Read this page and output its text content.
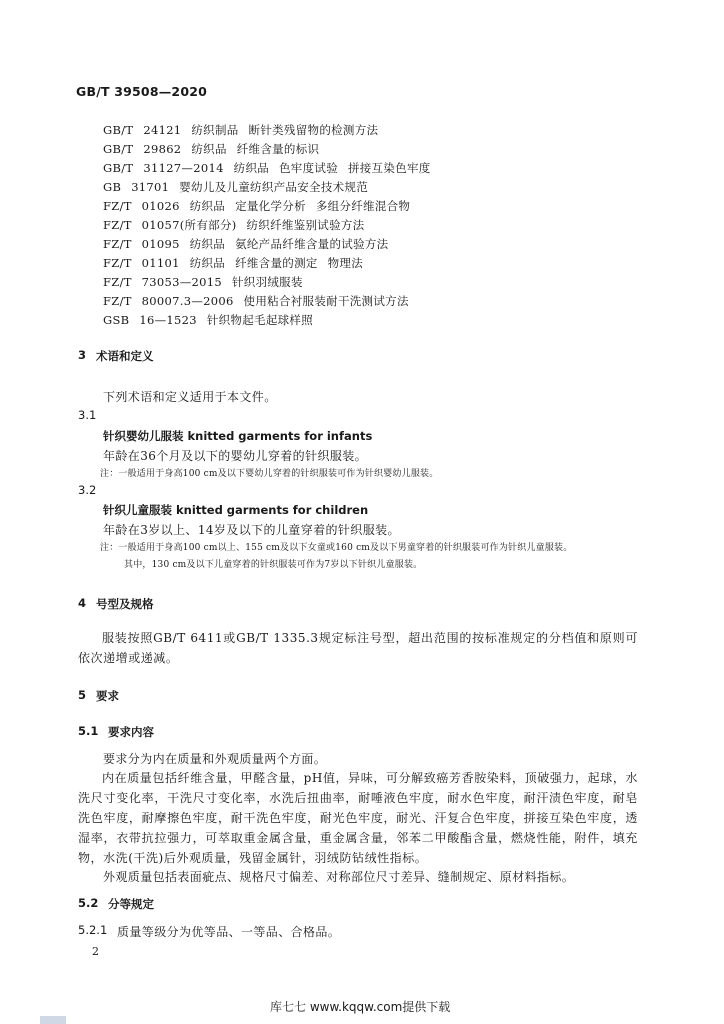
GB/T 39508—2020
GB/T 24121 纺织制品 断针类残留物的检测方法
GB/T 29862 纺织品 纤维含量的标识
GB/T 31127—2014 纺织品 色牢度试验 拼接互染色牢度
GB 31701 婴幼儿及儿童纺织产品安全技术规范
FZ/T 01026 纺织品 定量化学分析 多组分纤维混合物
FZ/T 01057(所有部分) 纺织纤维鉴别试验方法
FZ/T 01095 纺织品 氨纶产品纤维含量的试验方法
FZ/T 01101 纺织品 纤维含量的测定 物理法
FZ/T 73053—2015 针织羽绒服装
FZ/T 80007.3—2006 使用粘合衬服装耐干洗测试方法
GSB 16—1523 针织物起毛起球样照
3 术语和定义
下列术语和定义适用于本文件。
3.1
针织婴幼儿服装 knitted garments for infants
年龄在36个月及以下的婴幼儿穿着的针织服装。
注：一般适用于身高100 cm及以下婴幼儿穿着的针织服装可作为针织婴幼儿服装。
3.2
针织儿童服装 knitted garments for children
年龄在3岁以上、14岁及以下的儿童穿着的针织服装。
注：一般适用于身高100 cm以上、155 cm及以下女童或160 cm及以下男童穿着的针织服装可作为针织儿童服装。
其中，130 cm及以下儿童穿着的针织服装可作为7岁以下针织儿童服装。
4 号型及规格
服装按照GB/T 6411或GB/T 1335.3规定标注号型，超出范围的按标准规定的分档值和原则可依次递增或递减。
5 要求
5.1 要求内容
要求分为内在质量和外观质量两个方面。
内在质量包括纤维含量，甲醛含量，pH值，异味，可分解致癌芳香胺染料，顶破强力，起球，水洗尺寸变化率，干洗尺寸变化率，水洗后扭曲率，耐唾液色牢度，耐水色牢度，耐汗渍色牢度，耐皂洗色牢度，耐摩擦色牢度，耐干洗色牢度，耐光色牢度，耐光、汗复合色牢度，拼接互染色牢度，透湿率，衣带抗拉强力，可萃取重金属含量，重金属含量，邻苯二甲酸酯含量，燃烧性能，附件，填充物，水洗(干洗)后外观质量，残留金属针，羽绒防钻绒性指标。
外观质量包括表面疵点、规格尺寸偏差、对称部位尺寸差异、缝制规定、原材料指标。
5.2 分等规定
5.2.1 质量等级分为优等品、一等品、合格品。
2
库七七 www.kqqw.com提供下载
